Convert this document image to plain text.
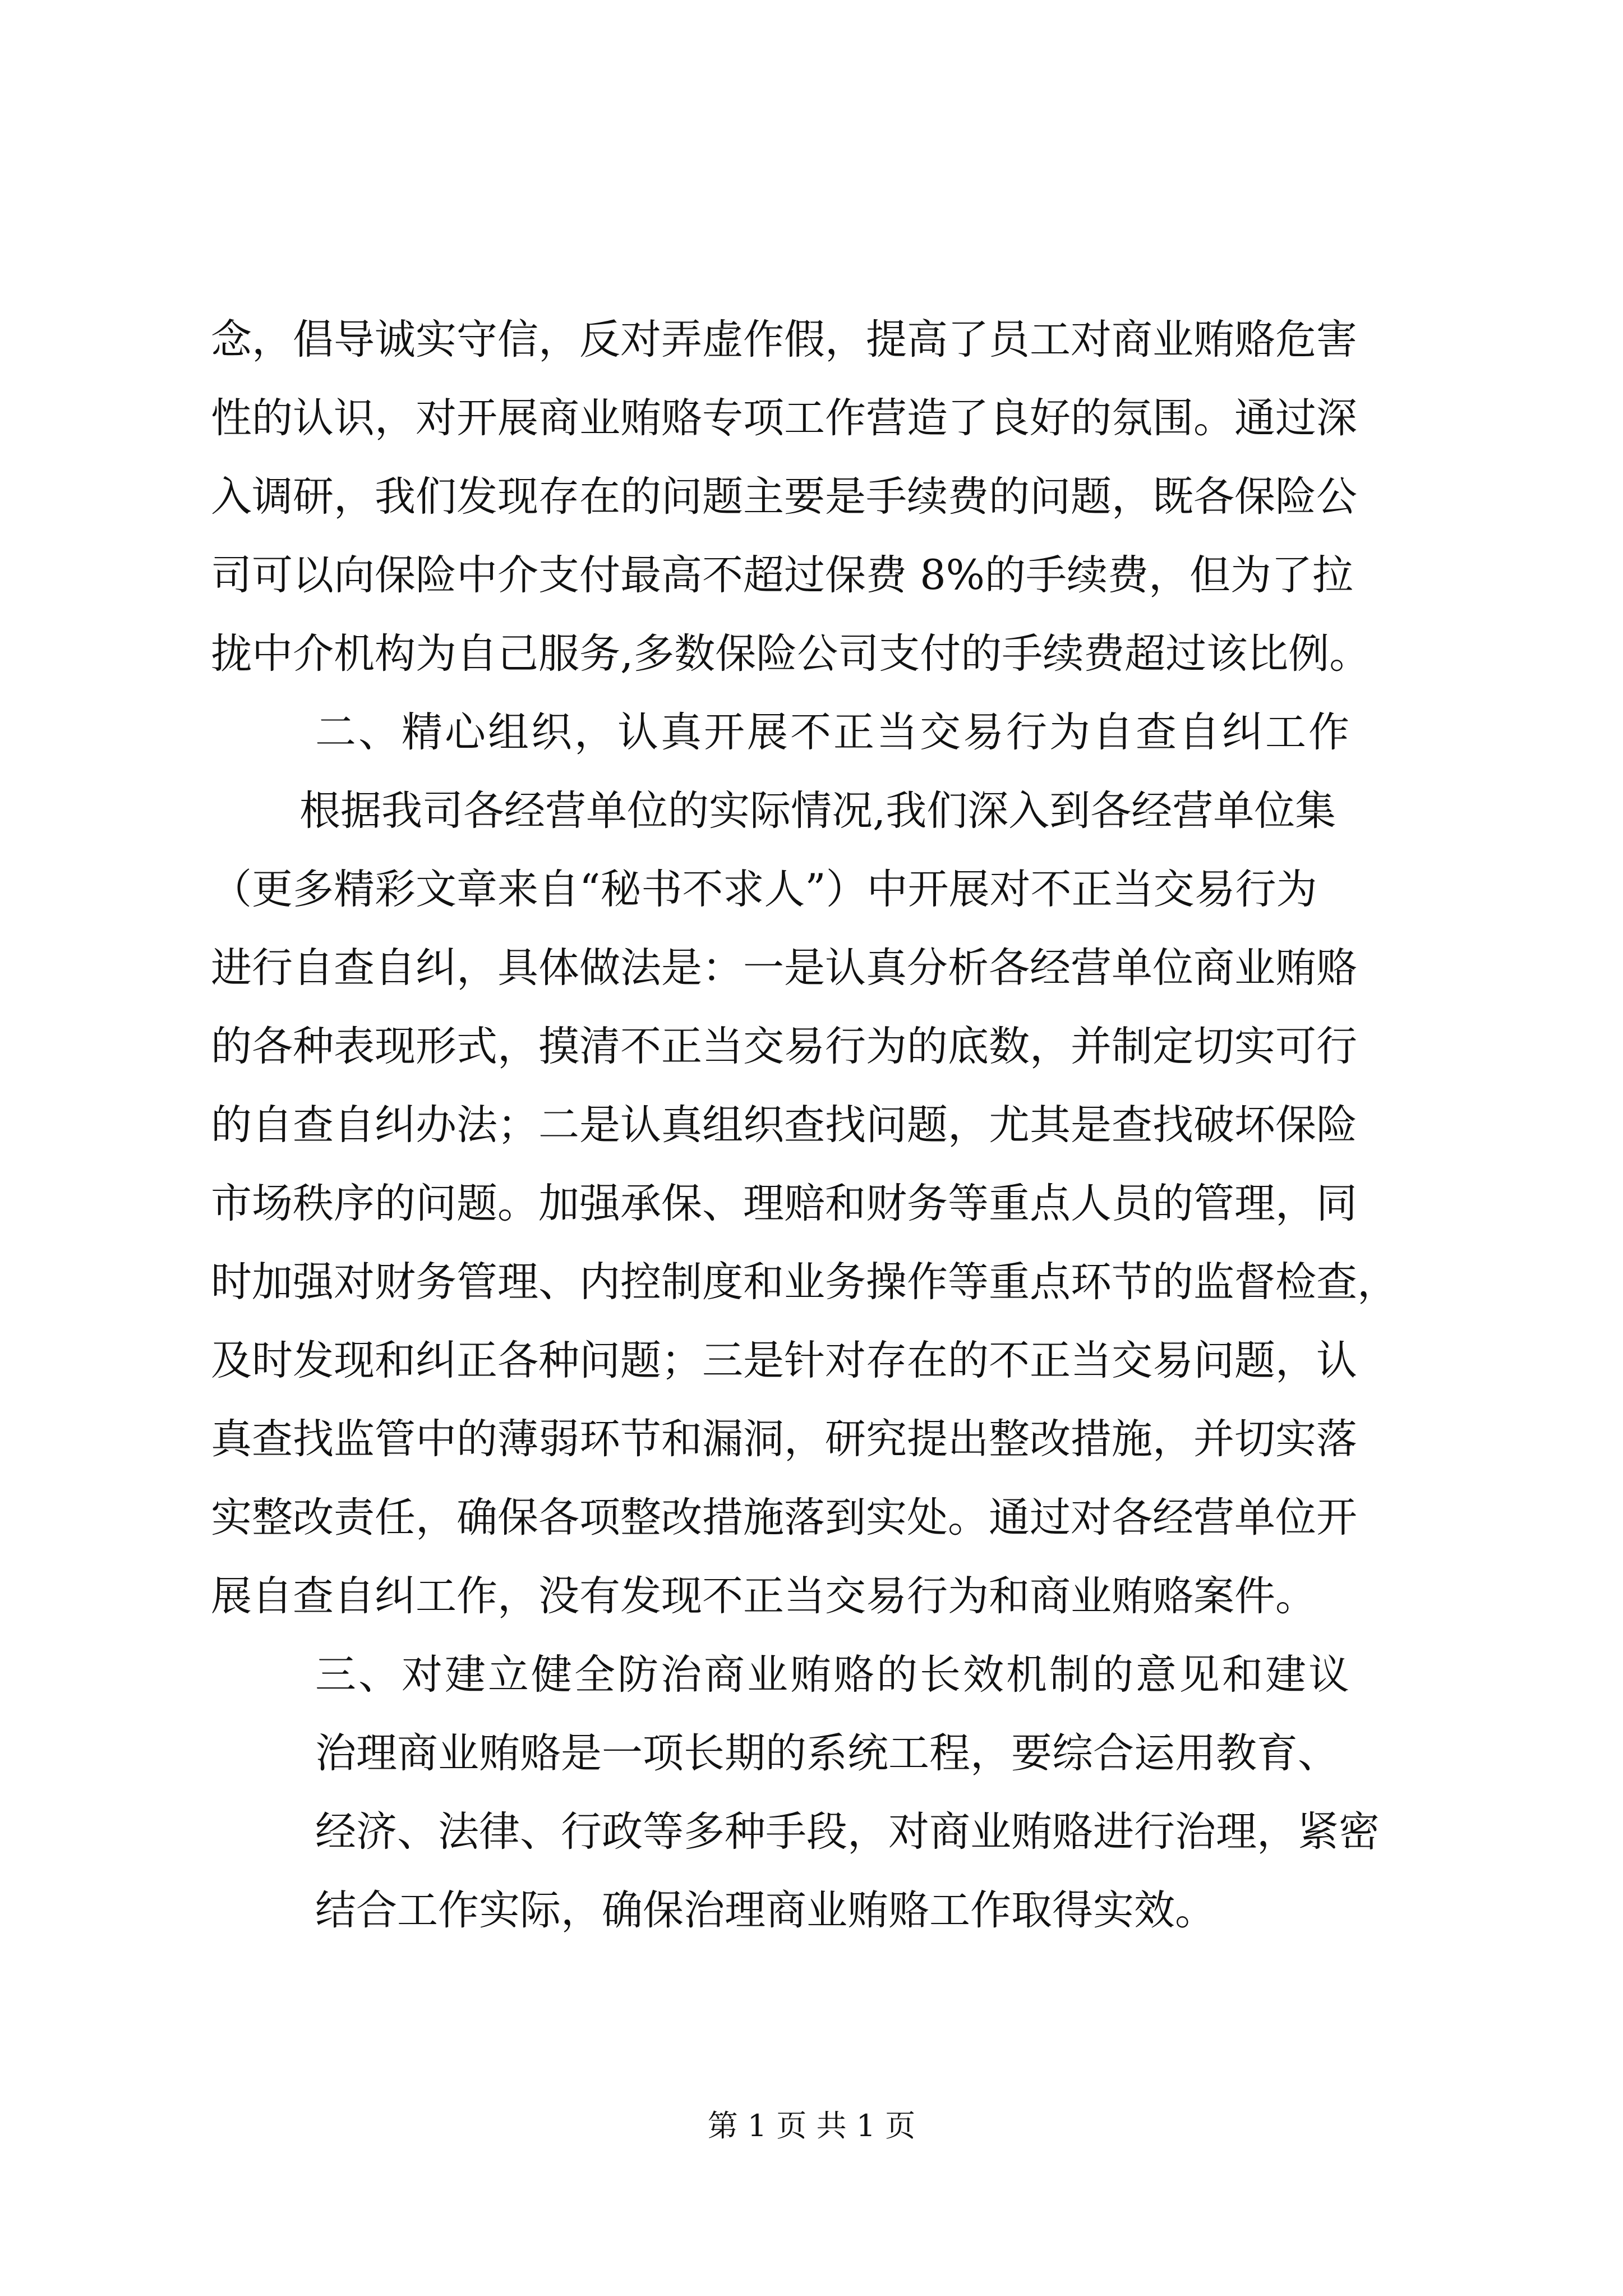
念，倡导诚实守信，反对弄虚作假，提高了员工对商业贿赂危害
性的认识，对开展商业贿赂专项工作营造了良好的氛围。通过深
入调研，我们发现存在的问题主要是手续费的问题，既各保险公
司可以向保险中介支付最高不超过保费 8%的手续费，但为了拉
拢中介机构为自己服务,多数保险公司支付的手续费超过该比例。
二、精心组织，认真开展不正当交易行为自查自纠工作
根据我司各经营单位的实际情况,我们深入到各经营单位集
（更多精彩文章来自“秘书不求人”）中开展对不正当交易行为
进行自查自纠，具体做法是：一是认真分析各经营单位商业贿赂
的各种表现形式，摸清不正当交易行为的底数，并制定切实可行
的自查自纠办法；二是认真组织查找问题，尤其是查找破坏保险
市场秩序的问题。加强承保、理赔和财务等重点人员的管理，同
时加强对财务管理、内控制度和业务操作等重点环节的监督检查，
及时发现和纠正各种问题；三是针对存在的不正当交易问题，认
真查找监管中的薄弱环节和漏洞，研究提出整改措施，并切实落
实整改责任，确保各项整改措施落到实处。通过对各经营单位开
展自查自纠工作，没有发现不正当交易行为和商业贿赂案件。
三、对建立健全防治商业贿赂的长效机制的意见和建议
治理商业贿赂是一项长期的系统工程，要综合运用教育、
经济、法律、行政等多种手段，对商业贿赂进行治理，紧密
结合工作实际，确保治理商业贿赂工作取得实效。
第 1 页 共 1 页
